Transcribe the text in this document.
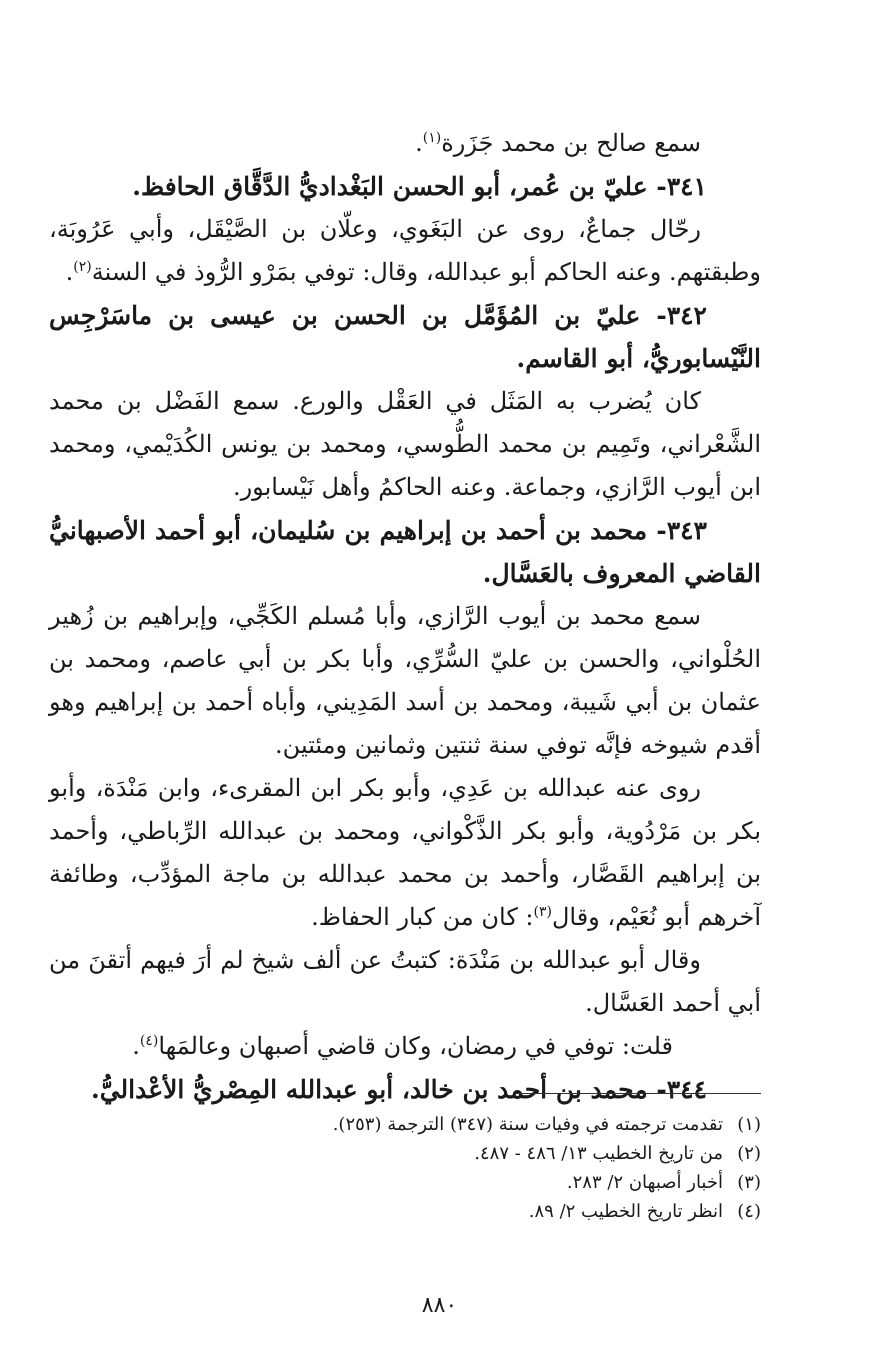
سمع صالح بن محمد جَزَرة$^{(١)}$.

٣٤١- عليّ بن عُمر، أبو الحسن البَغْداديُّ الدَّقَّاق الحافظ.

رحّال جماعٌ، روى عن البَغَوي، وعلّان بن الصَّيْقَل، وأبي عَرُوبَة، وطبقتهم. وعنه الحاكم أبو عبدالله، وقال: توفي بمَرْو الرُّوذ في السنة$^{(٢)}$.

٣٤٢- عليّ بن المُؤَمَّل بن الحسن بن عيسى بن ماسَرْجِس النَّيْسابوريُّ، أبو القاسم.

كان يُضرب به المَثَل في العَقْل والورع. سمع الفَضْل بن محمد الشَّعْراني، وتَمِيم بن محمد الطُّوسي، ومحمد بن يونس الكُدَيْمي، ومحمد ابن أيوب الرَّازي، وجماعة. وعنه الحاكمُ وأهل نَيْسابور.

٣٤٣- محمد بن أحمد بن إبراهيم بن سُليمان، أبو أحمد الأصبهانيُّ القاضي المعروف بالعَسَّال.

سمع محمد بن أيوب الرَّازي، وأبا مُسلم الكَجِّي، وإبراهيم بن زُهير الحُلْواني، والحسن بن عليّ السُّرِّي، وأبا بكر بن أبي عاصم، ومحمد بن عثمان بن أبي شَيبة، ومحمد بن أسد المَدِيني، وأباه أحمد بن إبراهيم وهو أقدم شيوخه فإنَّه توفي سنة ثنتين وثمانين ومئتين.

روى عنه عبدالله بن عَدِي، وأبو بكر ابن المقرىء، وابن مَنْدَة، وأبو بكر بن مَرْدُوية، وأبو بكر الذَّكْواني، ومحمد بن عبدالله الرِّباطي، وأحمد بن إبراهيم القَصَّار، وأحمد بن محمد عبدالله بن ماجة المؤدِّب، وطائفة آخرهم أبو نُعَيْم، وقال$^{(٣)}$: كان من كبار الحفاظ.

وقال أبو عبدالله بن مَنْدَة: كتبتُ عن ألف شيخ لم أرَ فيهم أتقنَ من أبي أحمد العَسَّال.

قلت: توفي في رمضان، وكان قاضي أصبهان وعالمَها$^{(٤)}$.

٣٤٤- محمد بن أحمد بن خالد، أبو عبدالله المِصْريُّ الأعْداليُّ.

(١)تقدمت ترجمته في وفيات سنة (٣٤٧) الترجمة (٢٥٣).

(٢)من تاريخ الخطيب ١٣/ ٤٨٦ - ٤٨٧.

(٣)أخبار أصبهان ٢/ ٢٨٣.

(٤)انظر تاريخ الخطيب ٢/ ٨٩.

٨٨٠
